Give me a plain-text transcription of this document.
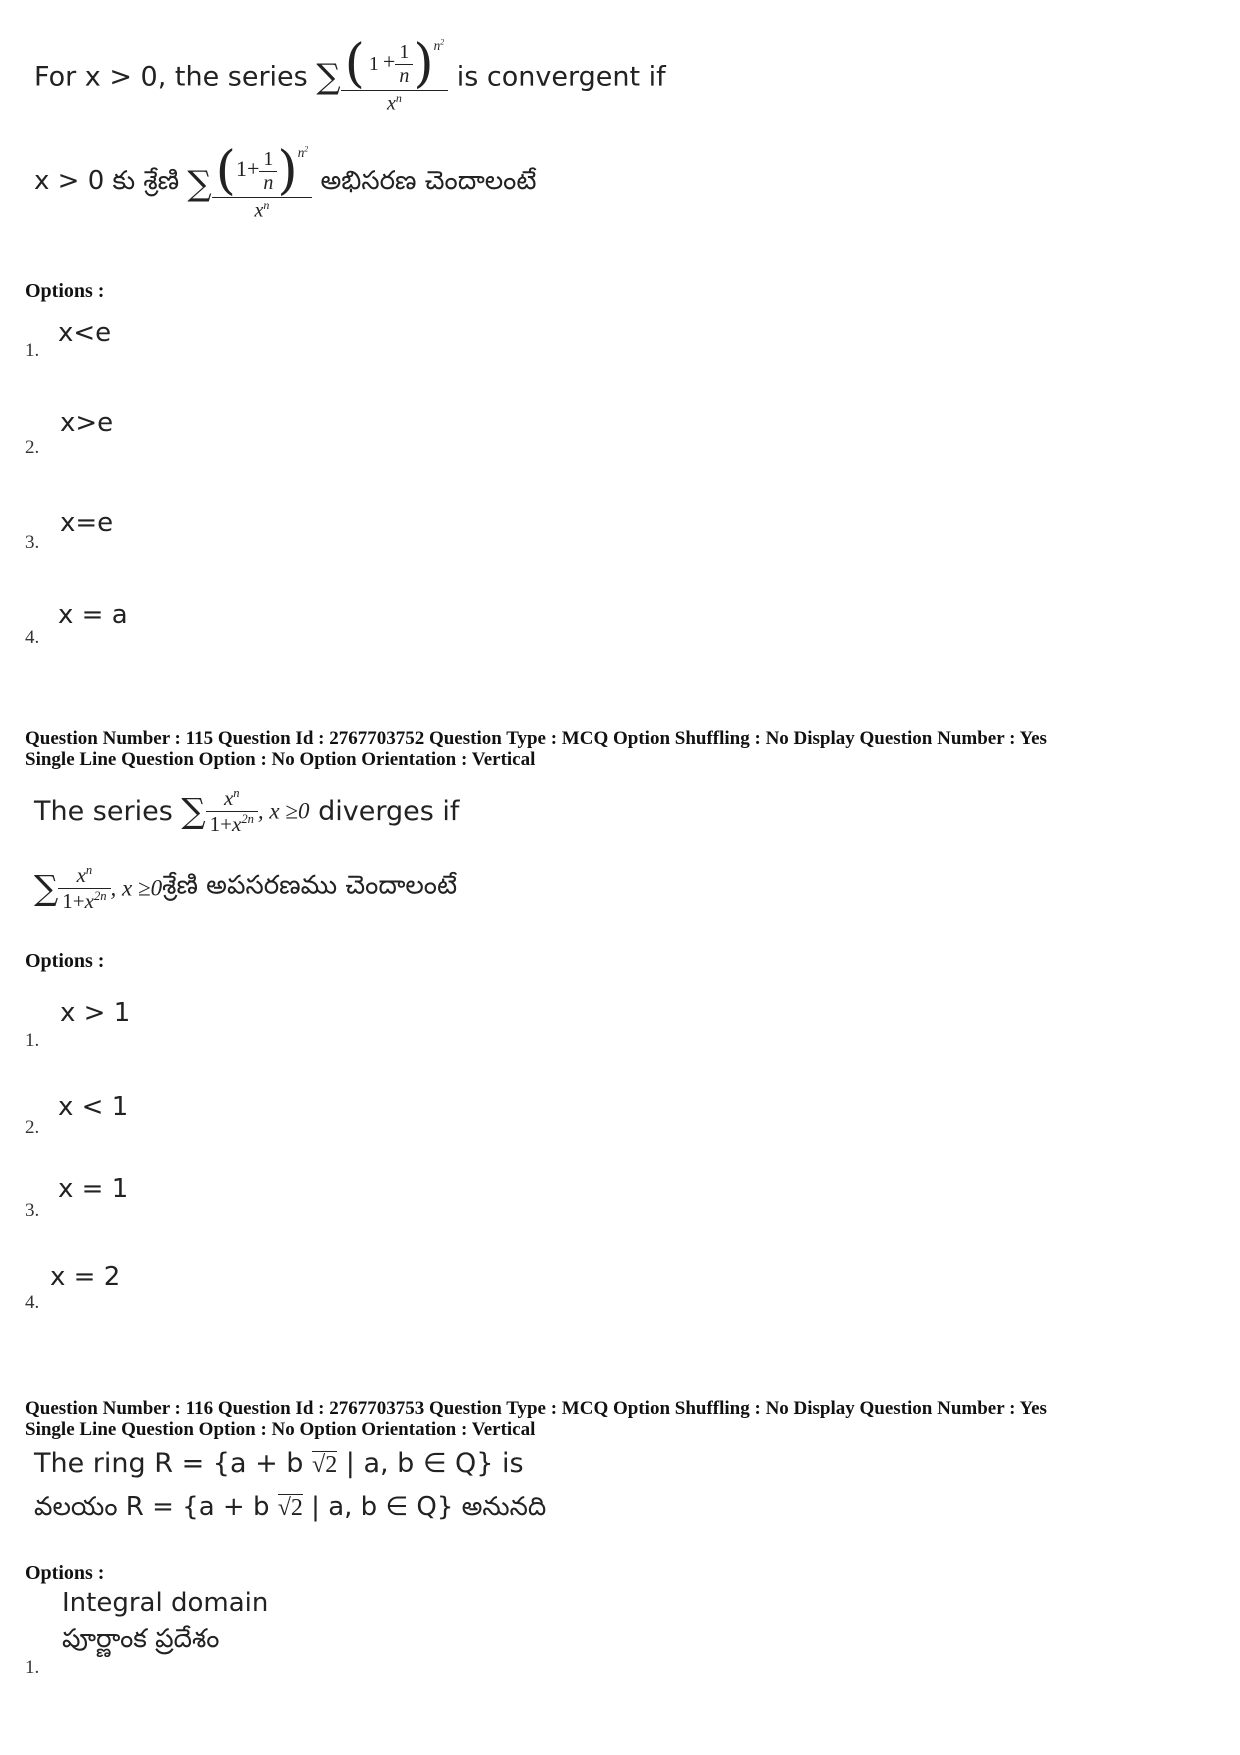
For x > 0, the series ∑ $\frac{( 1 + \frac{1}{n} )^{n^2}}{x^n}$ is convergent if
x > 0 కు శ్రేణి ∑ $\frac{(1+ \frac{1}{n} )^{n^2}}{x^n}$ అభిసరణ చెందాలంటే
Options :
1.
x<e
2.
x>e
3.
x=e
4.
x = a
Question Number : 115 Question Id : 2767703752 Question Type : MCQ Option Shuffling : No Display Question Number : Yes
Single Line Question Option : No Option Orientation : Vertical
The series ∑ $\frac{x^n}{1+x^{2n}}$ , x ≥0 diverges if
∑ $\frac{x^n}{1+x^{2n}}$ , x ≥0శ్రేణి అపసరణము చెందాలంటే
Options :
1.
x > 1
2.
x < 1
3.
x = 1
4.
x = 2
Question Number : 116 Question Id : 2767703753 Question Type : MCQ Option Shuffling : No Display Question Number : Yes
Single Line Question Option : No Option Orientation : Vertical
The ring R = {a + b √2 | a, b ∈ Q} is
వలయం R = {a + b √2 | a, b ∈ Q} అనునది
Options :
1.
Integral domain
పూర్ణాంక ప్రదేశం
